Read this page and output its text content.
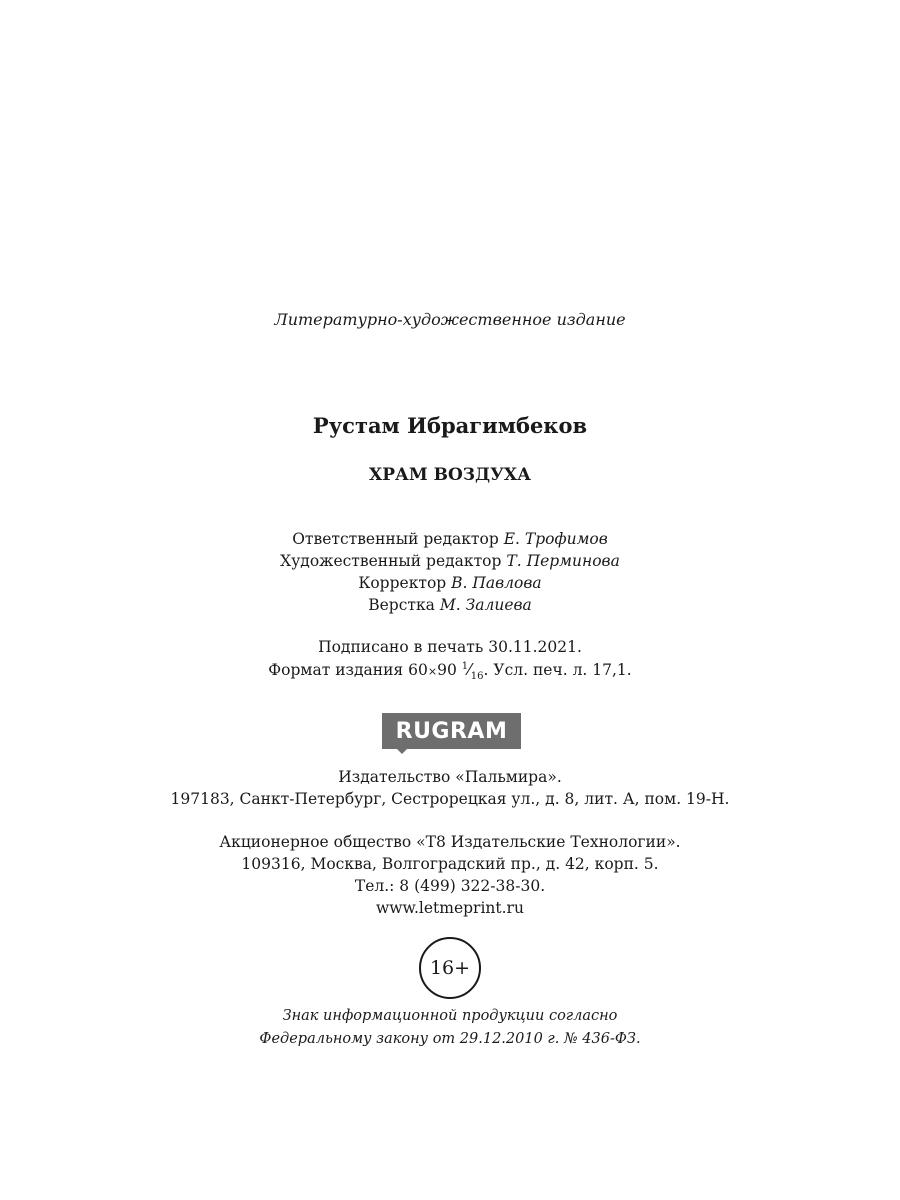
Литературно-художественное издание
Рустам Ибрагимбеков
ХРАМ ВОЗДУХА
Ответственный редактор Е. Трофимов
Художественный редактор Т. Перминова
Корректор В. Павлова
Верстка М. Залиева
Подписано в печать 30.11.2021.
Формат издания 60×90 $^1⁄_{16}$. Усл. печ. л. 17,1.
RUGRAM
Издательство «Пальмира».
197183, Санкт-Петербург, Сестрорецкая ул., д. 8, лит. А, пом. 19-Н.
Акционерное общество «Т8 Издательские Технологии».
109316, Москва, Волгоградский пр., д. 42, корп. 5.
Тел.: 8 (499) 322-38-30.
www.letmeprint.ru
16+
Знак информационной продукции согласно
Федеральному закону от 29.12.2010 г. № 436-ФЗ.
